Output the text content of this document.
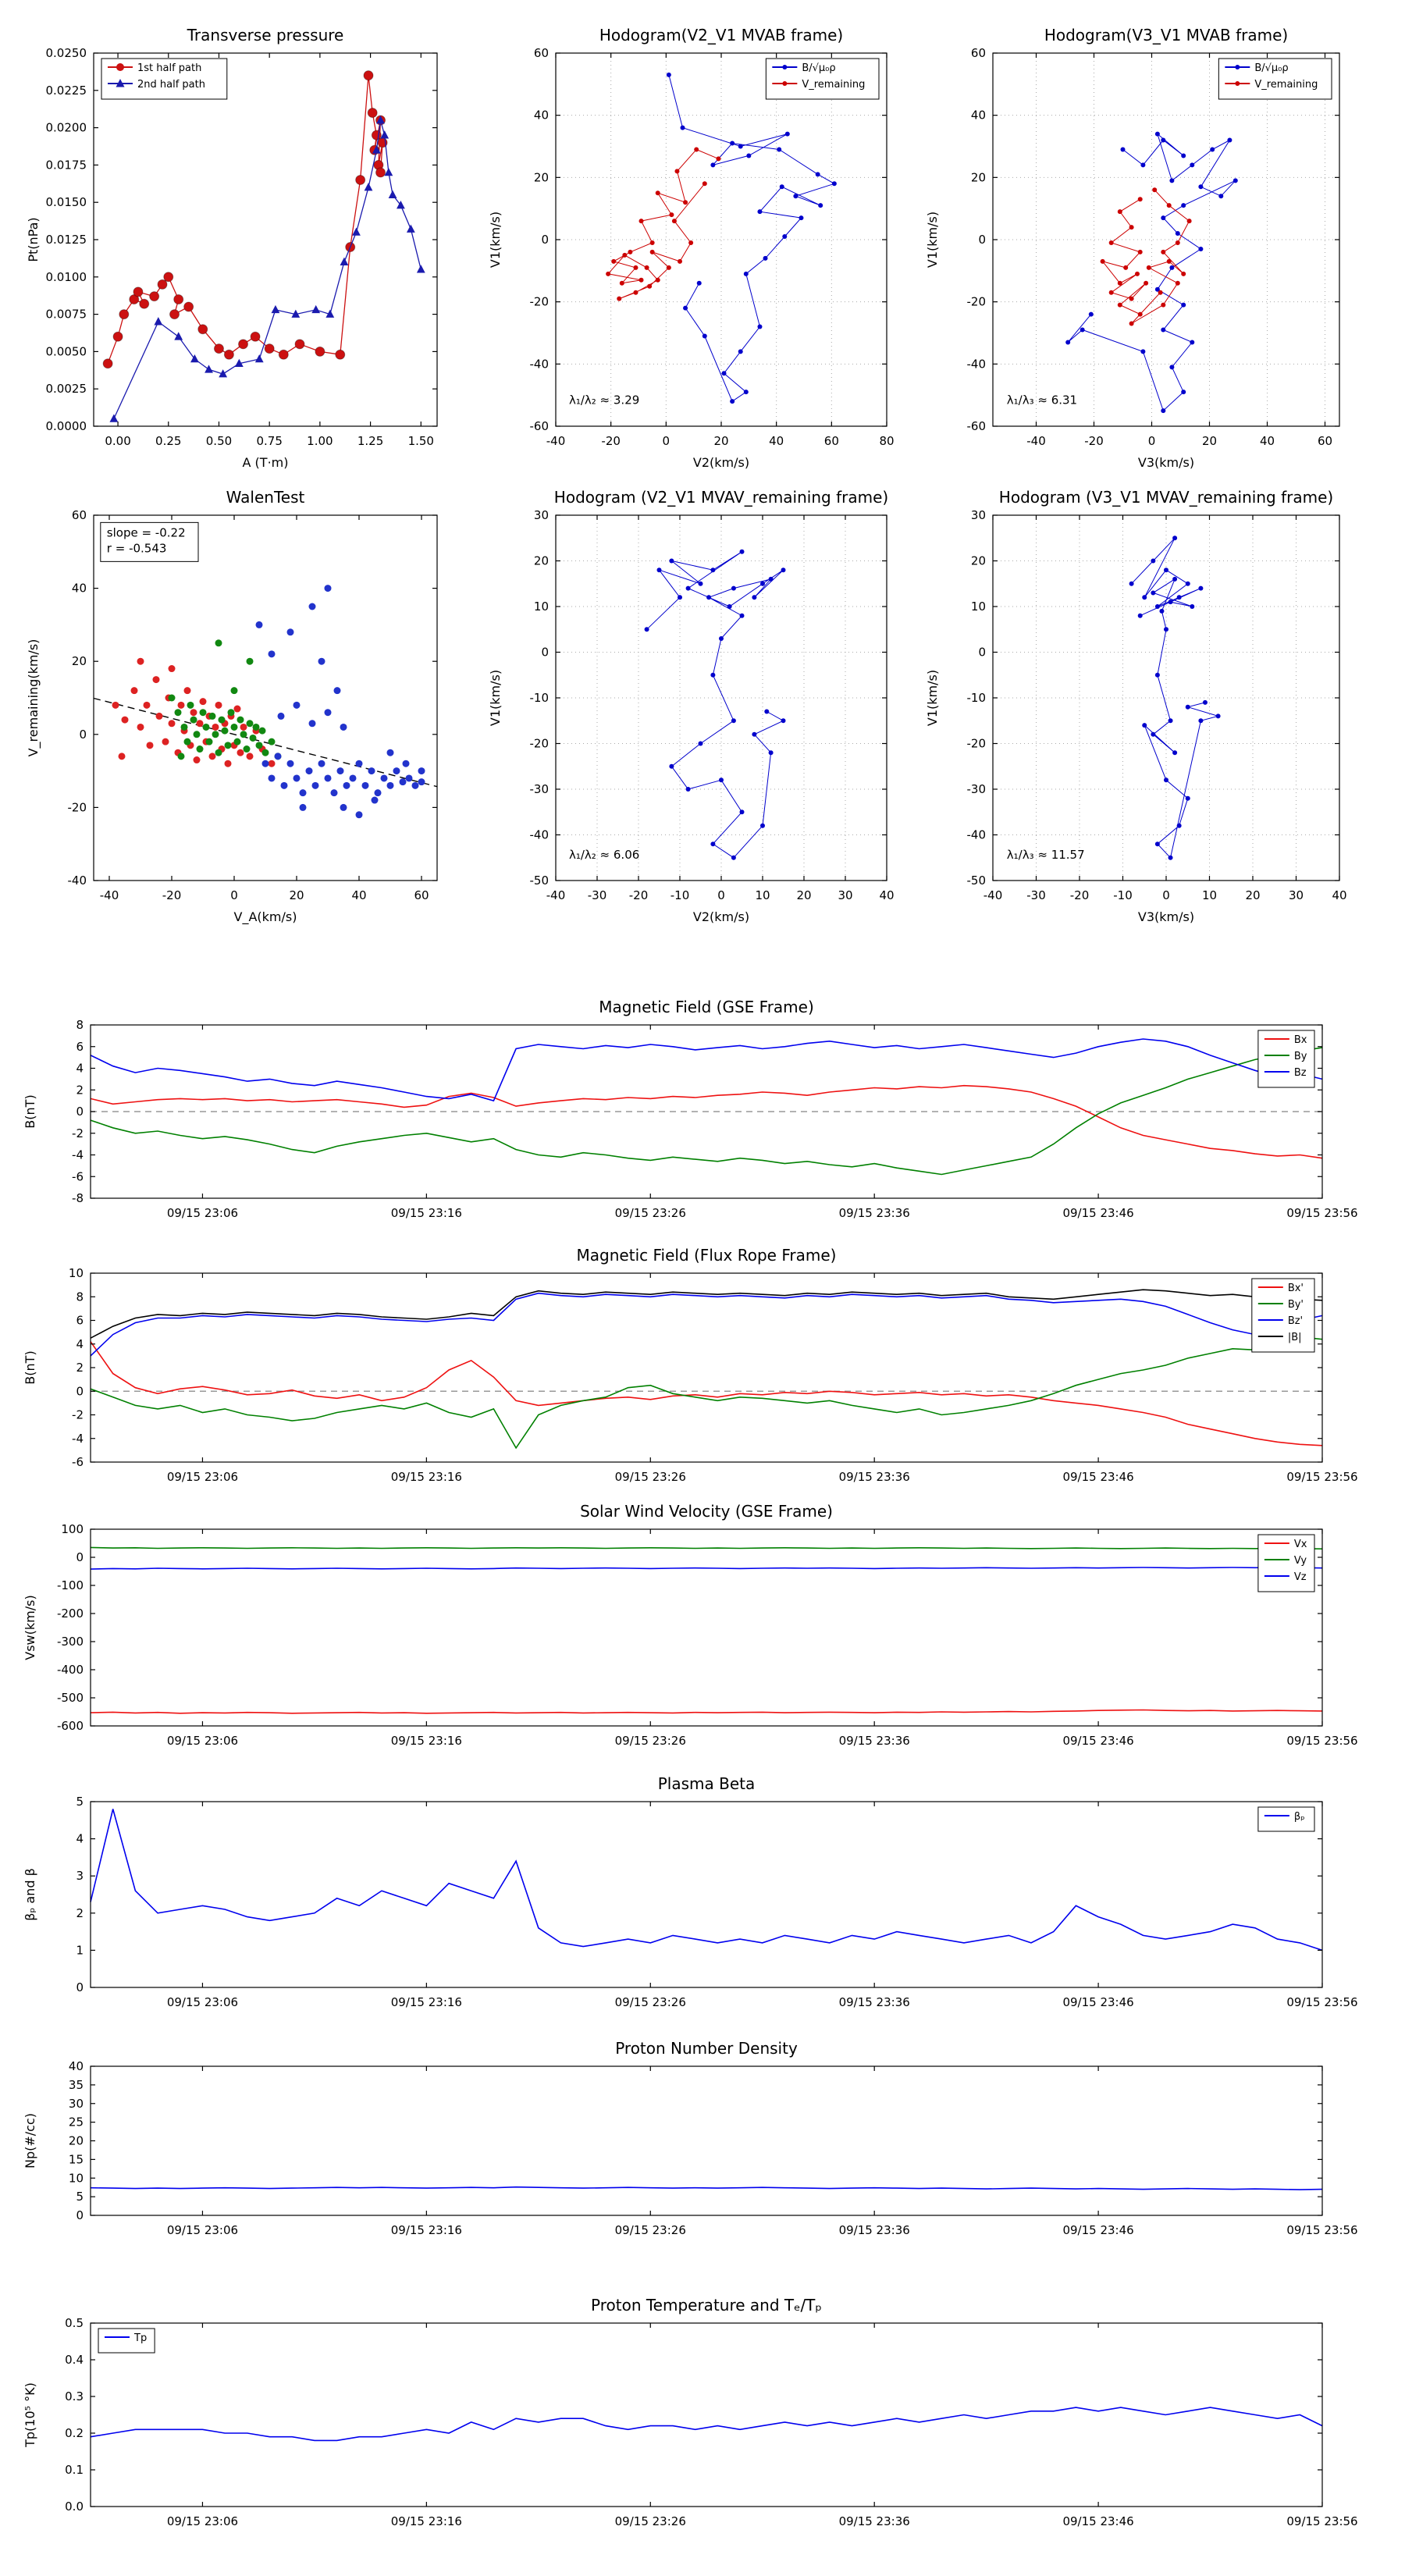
0.00 0.25 0.50 0.75 1.00 1.25 1.50
0.0000
0.0025
0.0050
0.0075
0.0100
0.0125
0.0150
0.0175
0.0200
0.0225
0.0250
Transverse pressure
A (T·m)
Pt(nPa)
1st half path
2nd half path
-40	-20	0	20	40	60	80
-60
-40
-20
0
20
40
60
Hodogram(V2_V1 MVAB frame)
V2(km/s)
V1(km/s)
B/√μ₀ρ
V_remaining
λ₁/λ₂ ≈ 3.29
-40	-20	0	20	40	60
-60
-40
-20
0
20
40
60
Hodogram(V3_V1 MVAB frame)
V3(km/s)
V1(km/s)
B/√μ₀ρ
V_remaining
λ₁/λ₃ ≈ 6.31
-40	-20	0	20	40	60
-40
-20
0
20
40
60
WalenTest
V_A(km/s)
V_remaining(km/s)
slope = -0.22
r = -0.543
-40 -30 -20 -10 0	10 20 30 40
-50
-40
-30
-20
-10
0
10
20
30
Hodogram (V2_V1 MVAV_remaining frame)
V2(km/s)
V1(km/s)
λ₁/λ₂ ≈ 6.06
-40 -30 -20 -10	0	10 20 30 40
-50
-40
-30
-20
-10
0
10
20
30
Hodogram (V3_V1 MVAV_remaining frame)
V3(km/s)
V1(km/s)
λ₁/λ₃ ≈ 11.57
09/15 23:06	09/15 23:16	09/15 23:26	09/15 23:36	09/15 23:46	09/15 23:56
-8
-6
-4
-2
0
2
4
6
8
Magnetic Field (GSE Frame)
B(nT)
Bx
By
Bz
09/15 23:06	09/15 23:16	09/15 23:26	09/15 23:36	09/15 23:46	09/15 23:56
-6
-4
-2
0
2
4
6
8
10
Magnetic Field (Flux Rope Frame)
B(nT)
Bx'
By'
Bz'
|B|
09/15 23:06	09/15 23:16	09/15 23:26	09/15 23:36	09/15 23:46	09/15 23:56
-600
-500
-400
-300
-200
-100
0
100
Solar Wind Velocity (GSE Frame)
Vsw(km/s)
Vx
Vy
Vz
09/15 23:06	09/15 23:16	09/15 23:26	09/15 23:36	09/15 23:46	09/15 23:56
0
1
2
3
4
5
Plasma Beta
βₚ and β
βₚ
09/15 23:06	09/15 23:16	09/15 23:26	09/15 23:36	09/15 23:46	09/15 23:56
0
5
10
15
20
25
30
35
40
Proton Number Density
Np(#/cc)
09/15 23:06	09/15 23:16	09/15 23:26	09/15 23:36	09/15 23:46	09/15 23:56
0.0
0.1
0.2
0.3
0.4
0.5
Proton Temperature and Tₑ/Tₚ
Tp(10⁵ °K)
Tp
